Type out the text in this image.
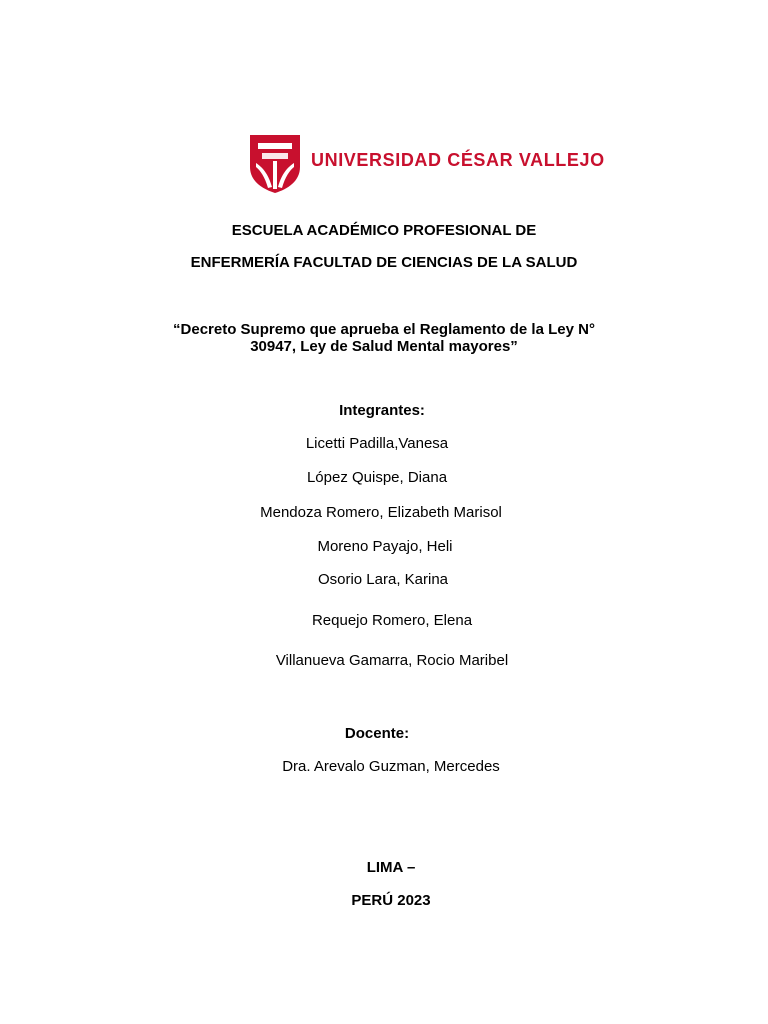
UNIVERSIDAD CÉSAR VALLEJO
ESCUELA ACADÉMICO PROFESIONAL DE
ENFERMERÍA FACULTAD DE CIENCIAS DE LA SALUD
“Decreto Supremo que aprueba el Reglamento de la Ley N°
30947, Ley de Salud Mental mayores”
Integrantes:
Licetti Padilla,Vanesa
López Quispe, Diana
Mendoza Romero, Elizabeth Marisol
Moreno Payajo, Heli
Osorio Lara, Karina
Requejo Romero, Elena
Villanueva Gamarra, Rocio Maribel
Docente:
Dra. Arevalo Guzman, Mercedes
LIMA –
PERÚ 2023
